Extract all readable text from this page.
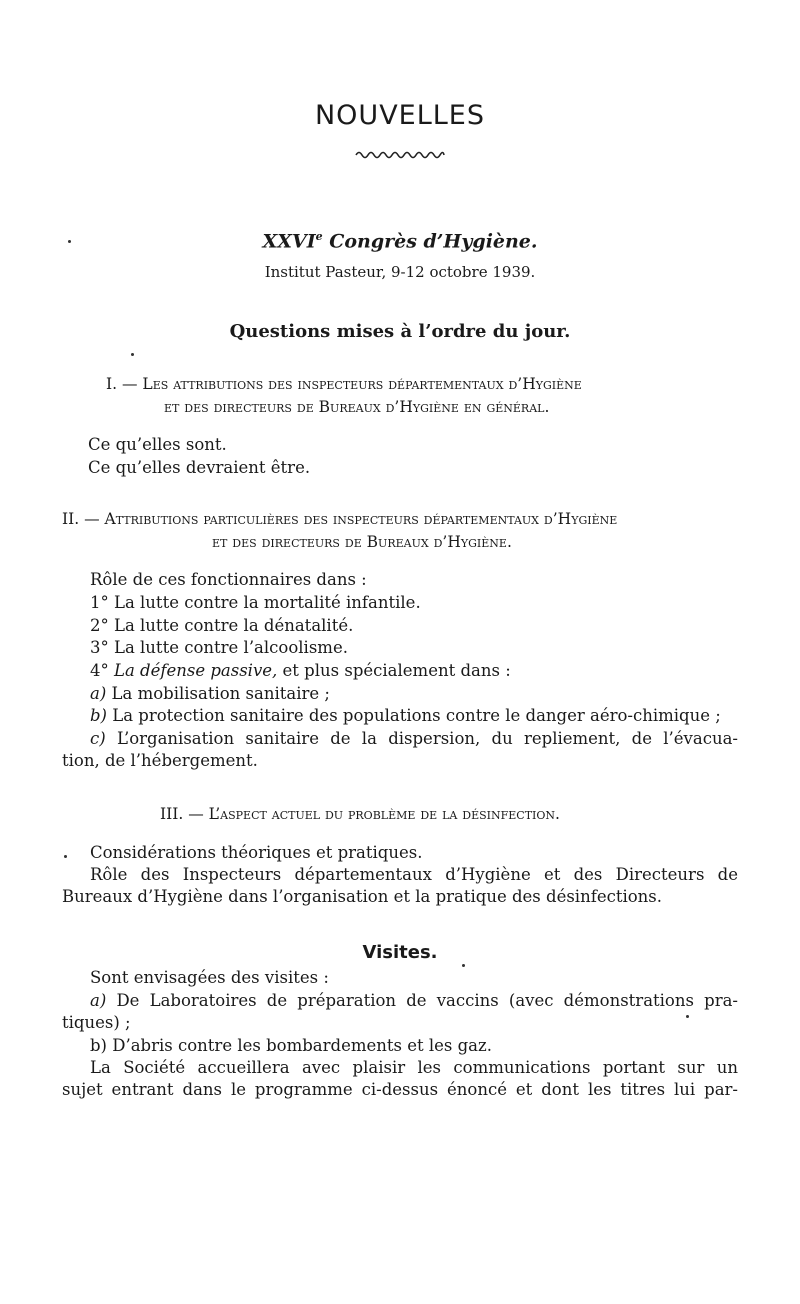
NOUVELLES
XXVIe Congrès d’Hygiène.
Institut Pasteur, 9-12 octobre 1939.
Questions mises à l’ordre du jour.
I. — Les attributions des inspecteurs départementaux d’Hygiène
et des directeurs de Bureaux d’Hygiène en général.
Ce qu’elles sont.
Ce qu’elles devraient être.
II. — Attributions particulières des inspecteurs départementaux d’Hygiène
et des directeurs de Bureaux d’Hygiène.
Rôle de ces fonctionnaires dans :
1° La lutte contre la mortalité infantile.
2° La lutte contre la dénatalité.
3° La lutte contre l’alcoolisme.
4° La défense passive, et plus spécialement dans :
a) La mobilisation sanitaire ;
b) La protection sanitaire des populations contre le danger aéro-chimique ;
c) L’organisation sanitaire de la dispersion, du repliement, de l’évacua-
tion, de l’hébergement.
III. — L’aspect actuel du problème de la désinfection.
Considérations théoriques et pratiques.
Rôle des Inspecteurs départementaux d’Hygiène et des Directeurs de
Bureaux d’Hygiène dans l’organisation et la pratique des désinfections.
Visites.
Sont envisagées des visites :
a) De Laboratoires de préparation de vaccins (avec démonstrations pra-
tiques) ;
b) D’abris contre les bombardements et les gaz.
La Société accueillera avec plaisir les communications portant sur un
sujet entrant dans le programme ci-dessus énoncé et dont les titres lui par-
